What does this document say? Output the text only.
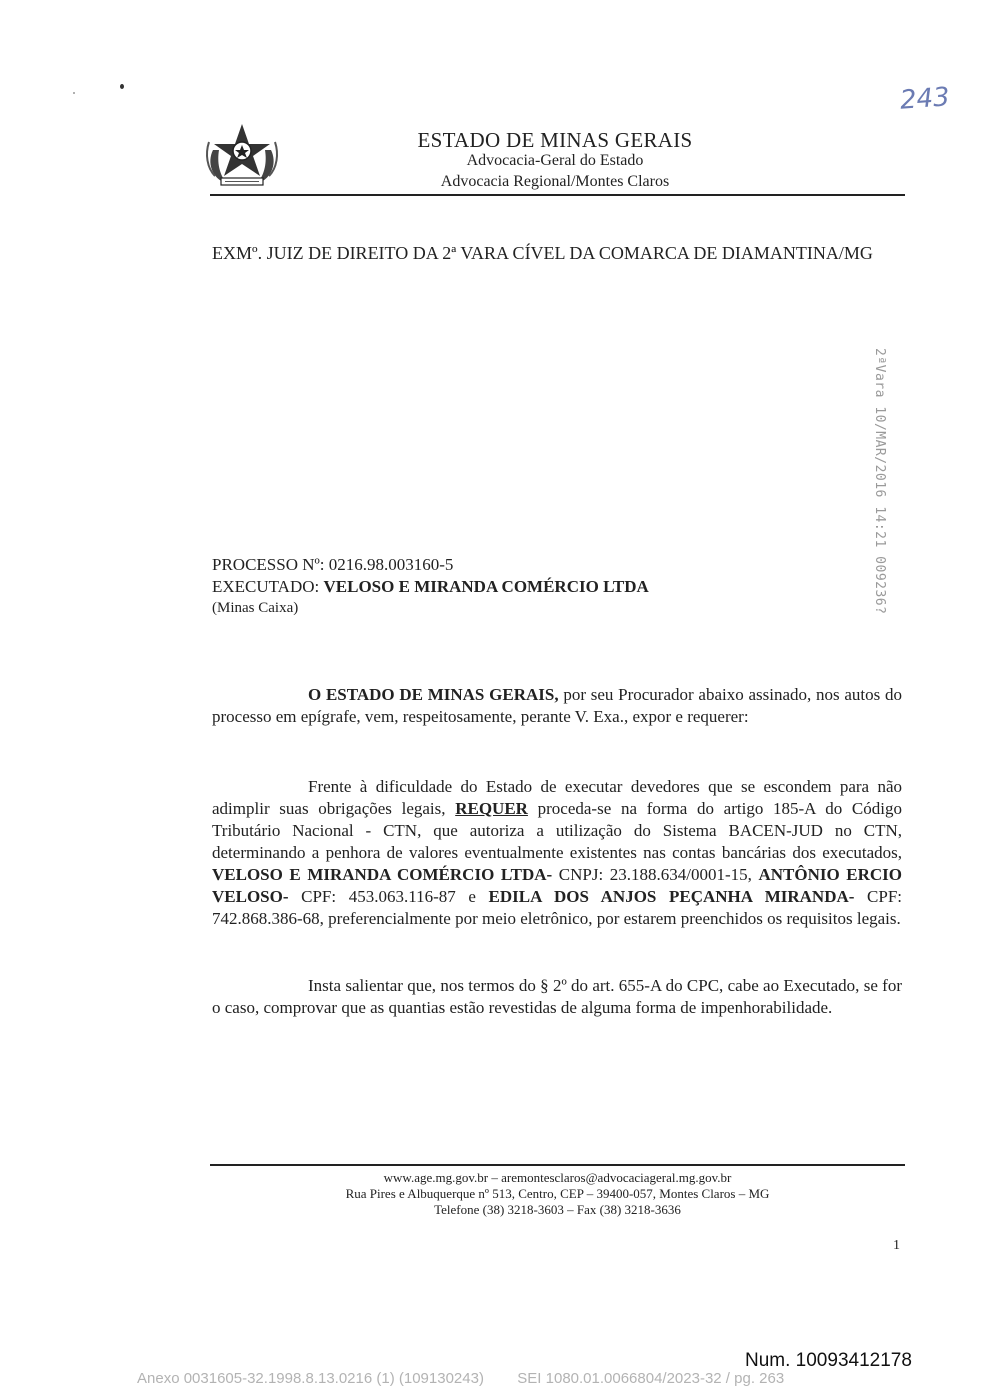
243
ESTADO DE MINAS GERAIS
Advocacia-Geral do Estado
Advocacia Regional/Montes Claros
2ªVara 10/MAR/2016 14:21 009236?
EXMº. JUIZ DE DIREITO DA 2ª VARA CÍVEL DA COMARCA DE DIAMANTINA/MG
PROCESSO Nº: 0216.98.003160-5
EXECUTADO: VELOSO E MIRANDA COMÉRCIO LTDA
(Minas Caixa)
O ESTADO DE MINAS GERAIS, por seu Procurador abaixo assinado, nos autos do processo em epígrafe, vem, respeitosamente, perante V. Exa., expor e requerer:
Frente à dificuldade do Estado de executar devedores que se escondem para não adimplir suas obrigações legais, REQUER proceda-se na forma do artigo 185-A do Código Tributário Nacional - CTN, que autoriza a utilização do Sistema BACEN-JUD no CTN, determinando a penhora de valores eventualmente existentes nas contas bancárias dos executados, VELOSO E MIRANDA COMÉRCIO LTDA- CNPJ: 23.188.634/0001-15, ANTÔNIO ERCIO VELOSO- CPF: 453.063.116-87 e EDILA DOS ANJOS PEÇANHA MIRANDA- CPF: 742.868.386-68, preferencialmente por meio eletrônico, por estarem preenchidos os requisitos legais.
Insta salientar que, nos termos do § 2º do art. 655-A do CPC, cabe ao Executado, se for o caso, comprovar que as quantias estão revestidas de alguma forma de impenhorabilidade.
www.age.mg.gov.br – aremontesclaros@advocaciageral.mg.gov.br
Rua Pires e Albuquerque nº 513, Centro, CEP – 39400-057, Montes Claros – MG
Telefone (38) 3218-3603 – Fax (38) 3218-3636
1
Num. 10093412178
Anexo 0031605-32.1998.8.13.0216 (1) (109130243)        SEI 1080.01.0066804/2023-32 / pg. 263
